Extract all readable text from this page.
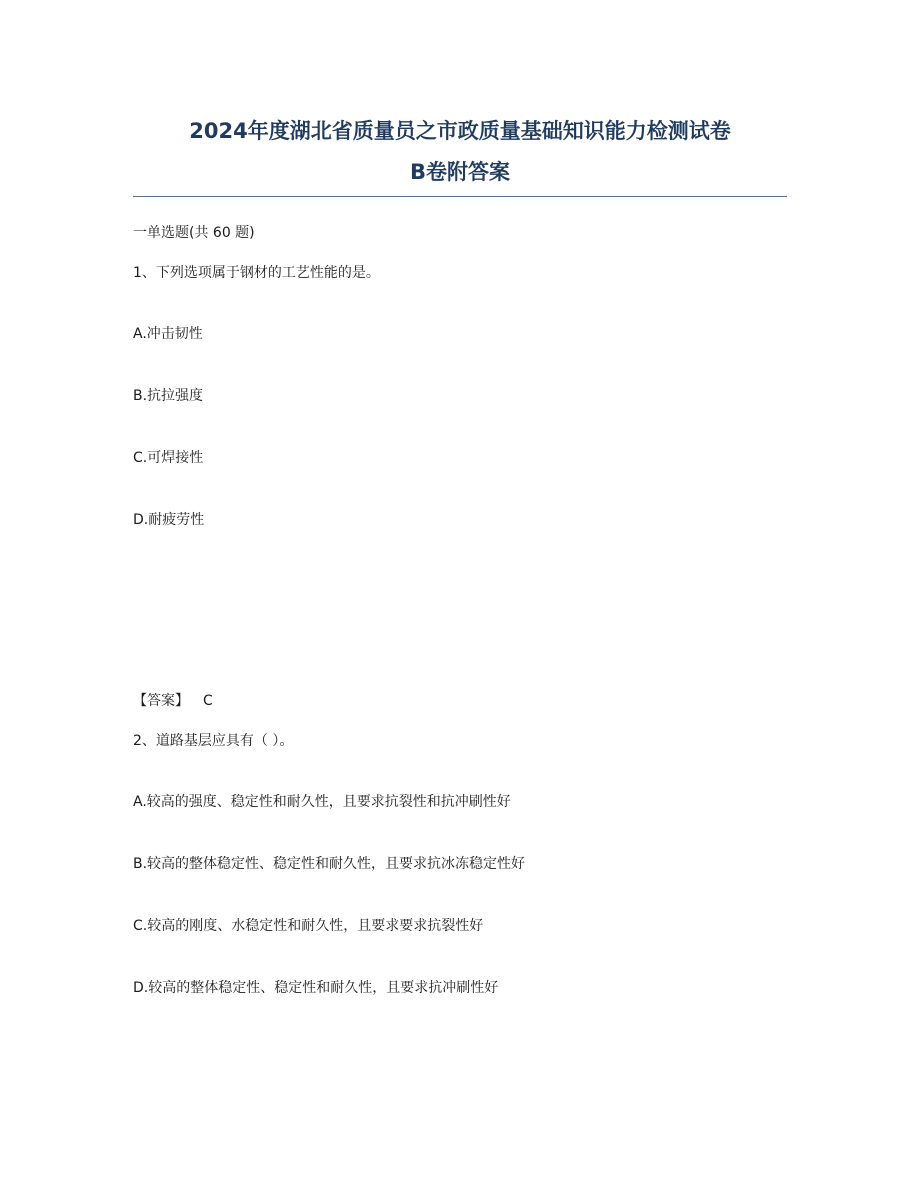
2024年度湖北省质量员之市政质量基础知识能力检测试卷
B卷附答案
一单选题(共 60 题)
1、下列选项属于钢材的工艺性能的是。
A.冲击韧性
B.抗拉强度
C.可焊接性
D.耐疲劳性
【答案】 C
2、道路基层应具有（ ）。
A.较高的强度、稳定性和耐久性，且要求抗裂性和抗冲刷性好
B.较高的整体稳定性、稳定性和耐久性，且要求抗冰冻稳定性好
C.较高的刚度、水稳定性和耐久性，且要求要求抗裂性好
D.较高的整体稳定性、稳定性和耐久性，且要求抗冲刷性好
